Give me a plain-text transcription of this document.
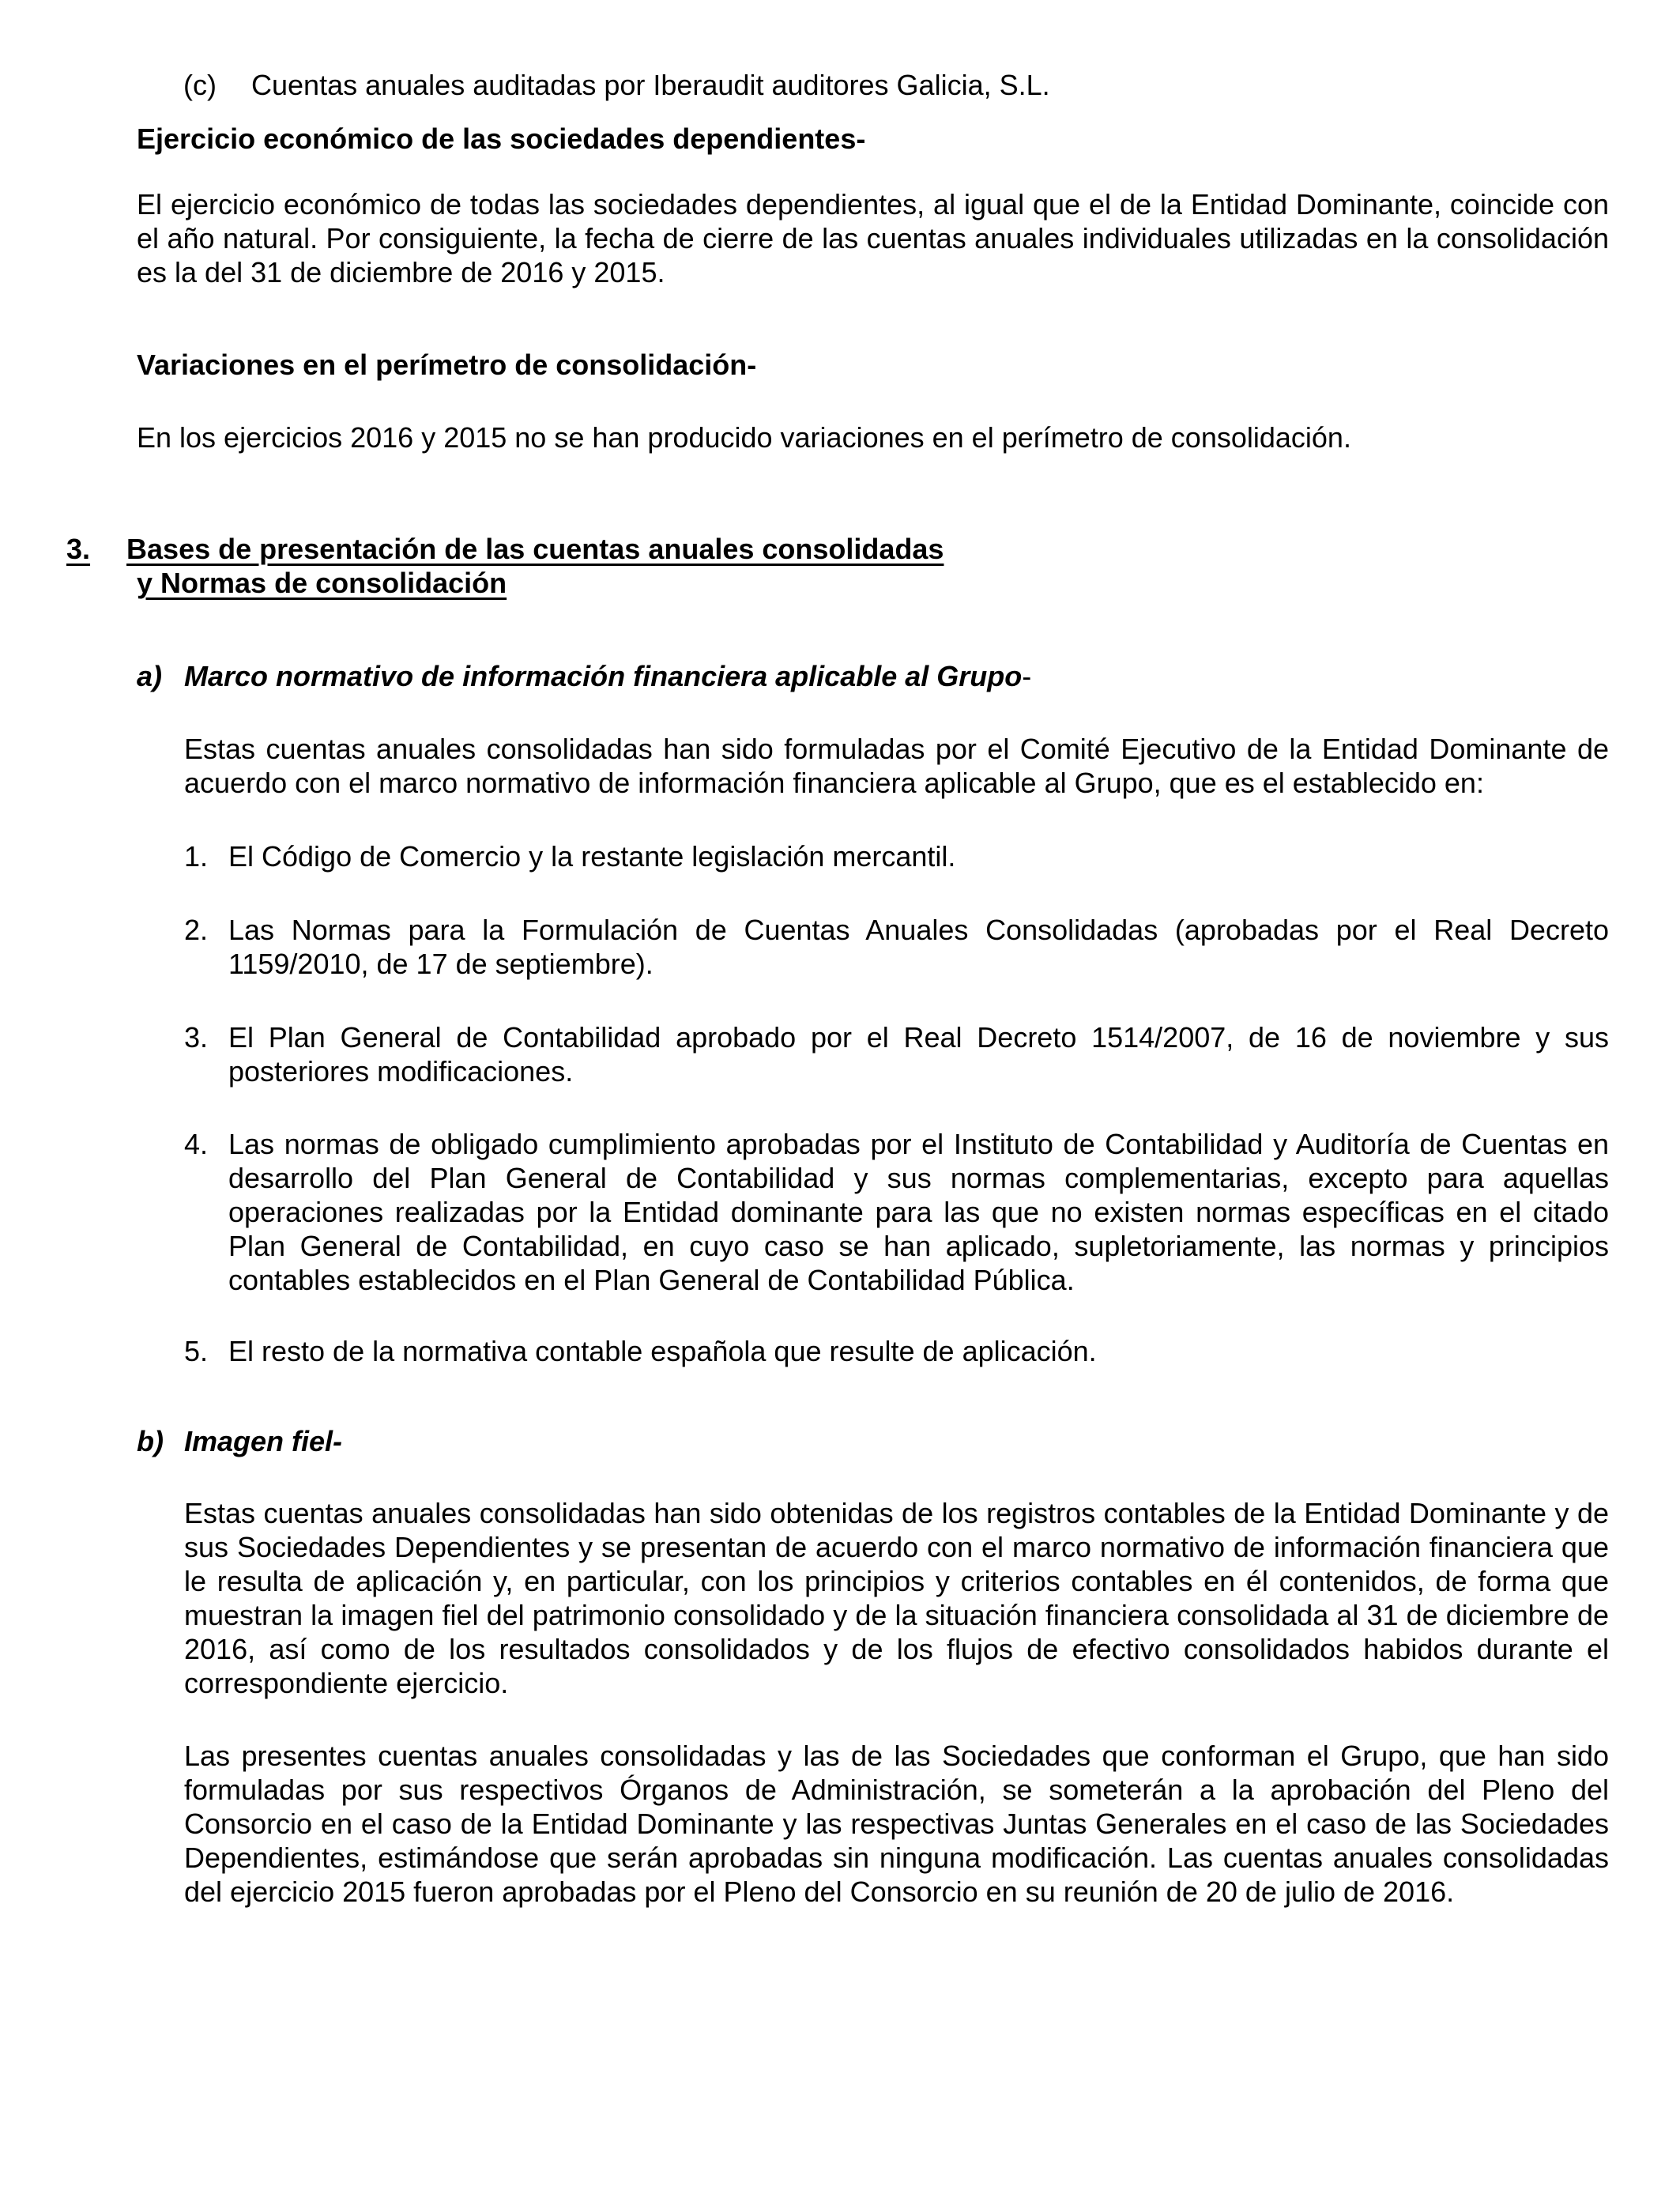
(c) Cuentas anuales auditadas por Iberaudit auditores Galicia, S.L.
Ejercicio económico de las sociedades dependientes-

El ejercicio económico de todas las sociedades dependientes, al igual que el de la Entidad Dominante, coincide con el año natural. Por consiguiente, la fecha de cierre de las cuentas anuales individuales utilizadas en la consolidación es la del 31 de diciembre de 2016 y 2015.

Variaciones en el perímetro de consolidación-

En los ejercicios 2016 y 2015 no se han producido variaciones en el perímetro de consolidación.

3. Bases de presentación de las cuentas anuales consolidadas
y Normas de consolidación
a) Marco normativo de información financiera aplicable al Grupo-

Estas cuentas anuales consolidadas han sido formuladas por el Comité Ejecutivo de la Entidad Dominante de acuerdo con el marco normativo de información financiera aplicable al Grupo, que es el establecido en:

1. El Código de Comercio y la restante legislación mercantil.

2. Las Normas para la Formulación de Cuentas Anuales Consolidadas (aprobadas por el Real Decreto 1159/2010, de 17 de septiembre).

3. El Plan General de Contabilidad aprobado por el Real Decreto 1514/2007, de 16 de noviembre y sus posteriores modificaciones.

4. Las normas de obligado cumplimiento aprobadas por el Instituto de Contabilidad y Auditoría de Cuentas en desarrollo del Plan General de Contabilidad y sus normas complementarias, excepto para aquellas operaciones realizadas por la Entidad dominante para las que no existen normas específicas en el citado Plan General de Contabilidad, en cuyo caso se han aplicado, supletoriamente, las normas y principios contables establecidos en el Plan General de Contabilidad Pública.

5. El resto de la normativa contable española que resulte de aplicación.

b) Imagen fiel-

Estas cuentas anuales consolidadas han sido obtenidas de los registros contables de la Entidad Dominante y de sus Sociedades Dependientes y se presentan de acuerdo con el marco normativo de información financiera que le resulta de aplicación y, en particular, con los principios y criterios contables en él contenidos, de forma que muestran la imagen fiel del patrimonio consolidado y de la situación financiera consolidada al 31 de diciembre de 2016, así como de los resultados consolidados y de los flujos de efectivo consolidados habidos durante el correspondiente ejercicio.

Las presentes cuentas anuales consolidadas y las de las Sociedades que conforman el Grupo, que han sido formuladas por sus respectivos Órganos de Administración, se someterán a la aprobación del Pleno del Consorcio en el caso de la Entidad Dominante y las respectivas Juntas Generales en el caso de las Sociedades Dependientes, estimándose que serán aprobadas sin ninguna modificación. Las cuentas anuales consolidadas del ejercicio 2015 fueron aprobadas por el Pleno del Consorcio en su reunión de 20 de julio de 2016.
